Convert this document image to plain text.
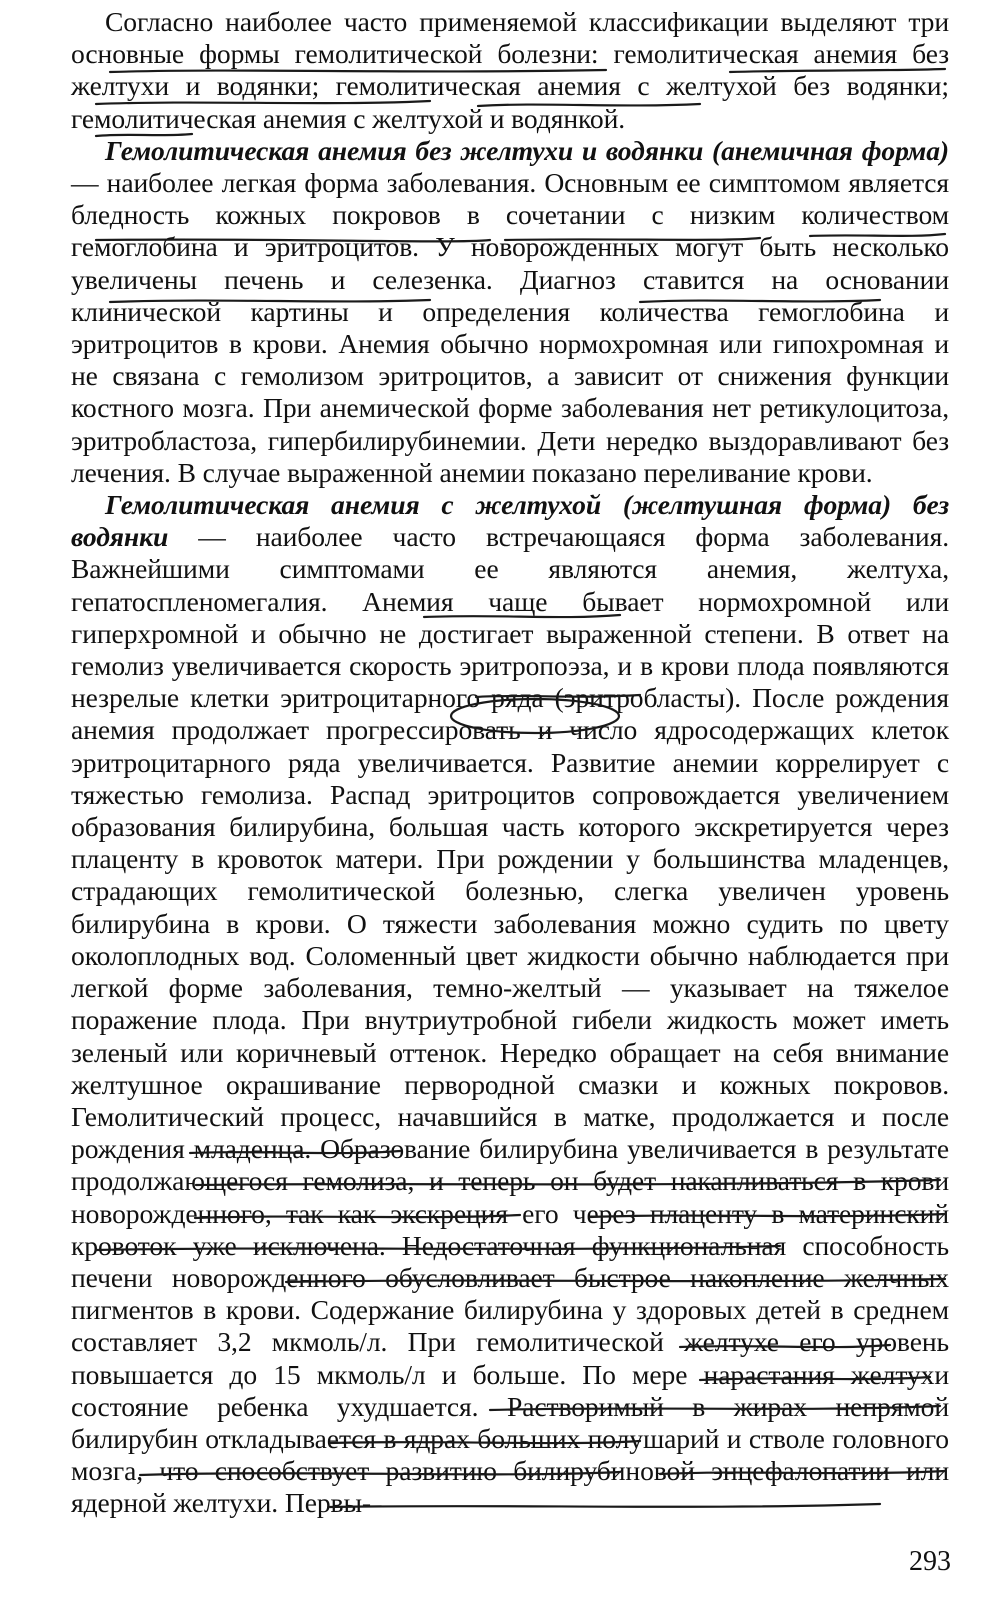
Согласно наиболее часто применяемой классификации выделяют три основные формы гемолитической болезни: гемолитическая анемия без желтухи и водянки; гемолитическая анемия с желтухой без водянки; гемолитическая анемия с желтухой и водянкой.

Гемолитическая анемия без желтухи и водянки (анемичная форма) — наиболее легкая форма заболевания. Основным ее симптомом является бледность кожных покровов в сочетании с низким количеством гемоглобина и эритроцитов. У новорожденных могут быть несколько увеличены печень и селезенка. Диагноз ставится на основании клинической картины и определения количества гемоглобина и эритроцитов в крови. Анемия обычно нормохромная или гипохромная и не связана с гемолизом эритроцитов, а зависит от снижения функции костного мозга. При анемической форме заболевания нет ретикулоцитоза, эритробластоза, гипербилирубинемии. Дети нередко выздоравливают без лечения. В случае выраженной анемии показано переливание крови.

Гемолитическая анемия с желтухой (желтушная форма) без водянки — наиболее часто встречающаяся форма заболевания. Важнейшими симптомами ее являются анемия, желтуха, гепатоспленомегалия. Анемия чаще бывает нормохромной или гиперхромной и обычно не достигает выраженной степени. В ответ на гемолиз увеличивается скорость эритропоэза, и в крови плода появляются незрелые клетки эритроцитарного ряда (эритробласты). После рождения анемия продолжает прогрессировать и число ядросодержащих клеток эритроцитарного ряда увеличивается. Развитие анемии коррелирует с тяжестью гемолиза. Распад эритроцитов сопровождается увеличением образования билирубина, большая часть которого экскретируется через плаценту в кровоток матери. При рождении у большинства младенцев, страдающих гемолитической болезнью, слегка увеличен уровень билирубина в крови. О тяжести заболевания можно судить по цвету околоплодных вод. Соломенный цвет жидкости обычно наблюдается при легкой форме заболевания, темно-желтый — указывает на тяжелое поражение плода. При внутриутробной гибели жидкость может иметь зеленый или коричневый оттенок. Нередко обращает на себя внимание желтушное окрашивание первородной смазки и кожных покровов. Гемолитический процесс, начавшийся в матке, продолжается и после рождения младенца. Образование билирубина увеличивается в результате продолжающегося гемолиза, и теперь он будет накапливаться в крови новорожденного, так как экскреция его через плаценту в материнский кровоток уже исключена. Недостаточная функциональная способность печени новорожденного обусловливает быстрое накопление желчных пигментов в крови. Содержание билирубина у здоровых детей в среднем составляет 3,2 мкмоль/л. При гемолитической желтухе его уровень повышается до 15 мкмоль/л и больше. По мере нарастания желтухи состояние ребенка ухудшается. Растворимый в жирах непрямой билирубин откладывается в ядрах больших полушарий и стволе головного мозга, что способствует развитию билирубиновой энцефалопатии или ядерной желтухи. Первы-

293
